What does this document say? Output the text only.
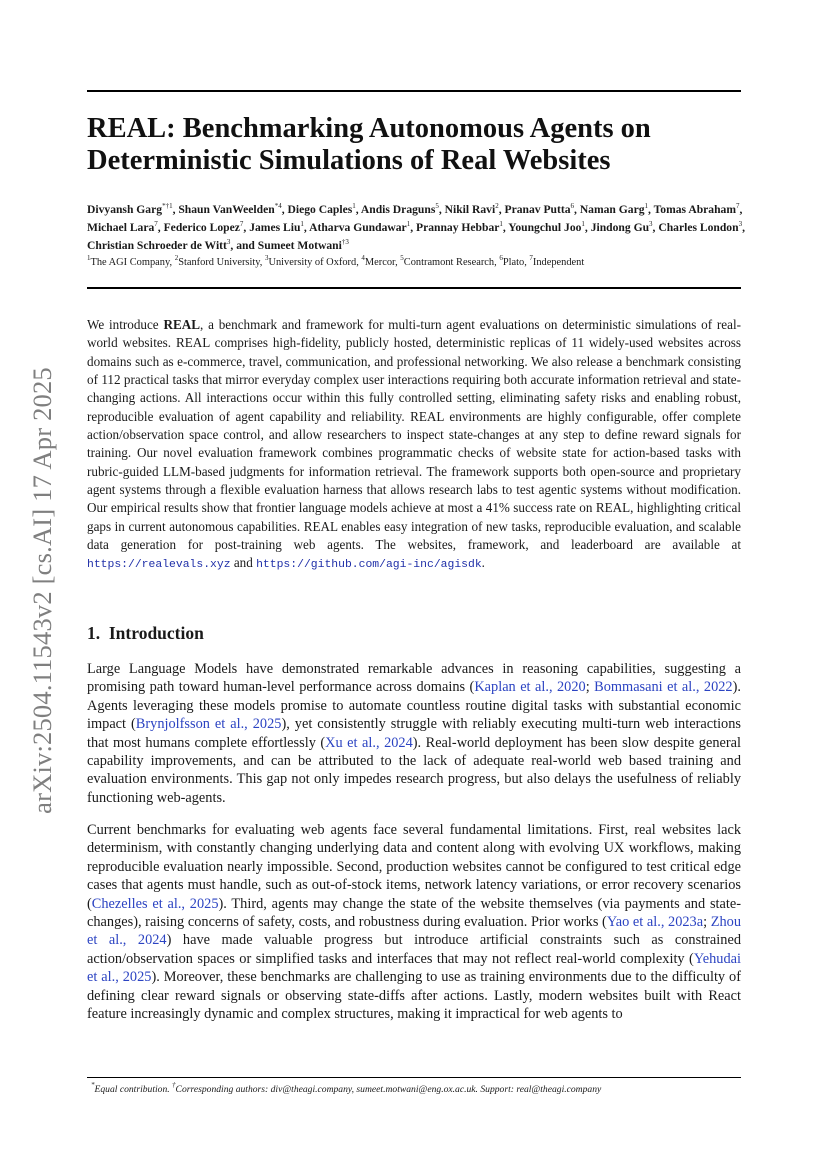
arXiv:2504.11543v2 [cs.AI] 17 Apr 2025
REAL: Benchmarking Autonomous Agents on
Deterministic Simulations of Real Websites
Divyansh Garg$^{*\dagger 1}$, Shaun VanWeelden$^{*4}$, Diego Caples$^1$, Andis Draguns$^5$, Nikil Ravi$^2$, Pranav Putta$^6$, Naman Garg$^1$, Tomas Abraham$^7$, Michael Lara$^7$, Federico Lopez$^7$, James Liu$^1$, Atharva Gundawar$^1$, Prannay Hebbar$^1$, Youngchul Joo$^1$, Jindong Gu$^3$, Charles London$^3$, Christian Schroeder de Witt$^3$, and Sumeet Motwani$^{\dagger 3}$
$^1$The AGI Company, $^2$Stanford University, $^3$University of Oxford, $^4$Mercor, $^5$Contramont Research, $^6$Plato, $^7$Independent

We introduce REAL, a benchmark and framework for multi-turn agent evaluations on deterministic simulations of real-world websites. REAL comprises high-fidelity, publicly hosted, deterministic replicas of 11 widely-used websites across domains such as e-commerce, travel, communication, and professional networking. We also release a benchmark consisting of 112 practical tasks that mirror everyday complex user interactions requiring both accurate information retrieval and state-changing actions. All interactions occur within this fully controlled setting, eliminating safety risks and enabling robust, reproducible evaluation of agent capability and reliability. REAL environments are highly configurable, offer complete action/observation space control, and allow researchers to inspect state-changes at any step to define reward signals for training. Our novel evaluation framework combines programmatic checks of website state for action-based tasks with rubric-guided LLM-based judgments for information retrieval. The framework supports both open-source and proprietary agent systems through a flexible evaluation harness that allows research labs to test agentic systems without modification. Our empirical results show that frontier language models achieve at most a 41% success rate on REAL, highlighting critical gaps in current autonomous capabilities. REAL enables easy integration of new tasks, reproducible evaluation, and scalable data generation for post-training web agents. The websites, framework, and leaderboard are available at https://realevals.xyz and https://github.com/agi-inc/agisdk.

1. Introduction

Large Language Models have demonstrated remarkable advances in reasoning capabilities, suggesting a promising path toward human-level performance across domains (Kaplan et al., 2020; Bommasani et al., 2022). Agents leveraging these models promise to automate countless routine digital tasks with substantial economic impact (Brynjolfsson et al., 2025), yet consistently struggle with reliably executing multi-turn web interactions that most humans complete effortlessly (Xu et al., 2024). Real-world deployment has been slow despite general capability improvements, and can be attributed to the lack of adequate real-world web based training and evaluation environments. This gap not only impedes research progress, but also delays the usefulness of reliably functioning web-agents.

Current benchmarks for evaluating web agents face several fundamental limitations. First, real websites lack determinism, with constantly changing underlying data and content along with evolving UX workflows, making reproducible evaluation nearly impossible. Second, production websites cannot be configured to test critical edge cases that agents must handle, such as out-of-stock items, network latency variations, or error recovery scenarios (Chezelles et al., 2025). Third, agents may change the state of the website themselves (via payments and state-changes), raising concerns of safety, costs, and robustness during evaluation. Prior works (Yao et al., 2023a; Zhou et al., 2024) have made valuable progress but introduce artificial constraints such as constrained action/observation spaces or simplified tasks and interfaces that may not reflect real-world complexity (Yehudai et al., 2025). Moreover, these benchmarks are challenging to use as training environments due to the difficulty of defining clear reward signals or observing state-diffs after actions. Lastly, modern websites built with React feature increasingly dynamic and complex structures, making it impractical for web agents to

*Equal contribution. †Corresponding authors: div@theagi.company, sumeet.motwani@eng.ox.ac.uk. Support: real@theagi.company
